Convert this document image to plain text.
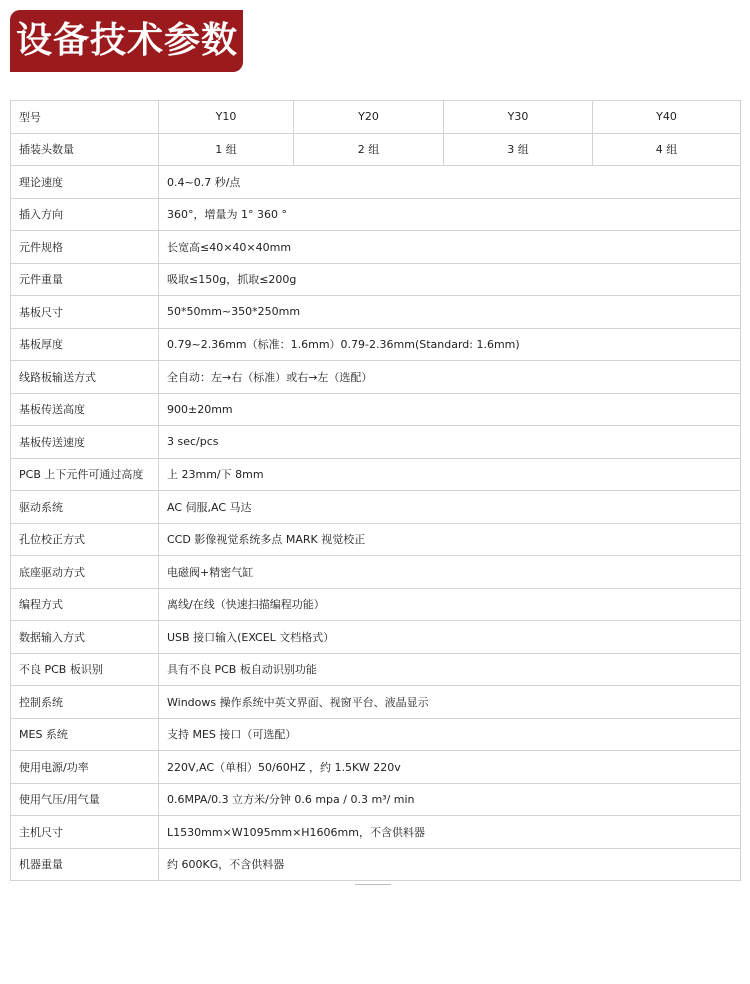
设备技术参数
型号	Y10	Y20	Y30	Y40
插装头数量	1 组	2 组	3 组	4 组
理论速度	0.4~0.7 秒/点			
插入方向	360°，增量为 1° 360 °			
元件规格	长宽高≤40×40×40mm			
元件重量	吸取≤150g，抓取≤200g			
基板尺寸	50*50mm~350*250mm			
基板厚度	0.79~2.36mm（标准：1.6mm）0.79-2.36mm(Standard: 1.6mm)			
线路板输送方式	全自动：左→右（标准）或右→左（选配）			
基板传送高度	900±20mm			
基板传送速度	3 sec/pcs			
PCB 上下元件可通过高度	上 23mm/下 8mm			
驱动系统	AC 伺服,AC 马达			
孔位校正方式	CCD 影像视觉系统多点 MARK 视觉校正			
底座驱动方式	电磁阀+精密气缸			
编程方式	离线/在线（快速扫描编程功能）			
数据输入方式	USB 接口输入(EXCEL 文档格式）			
不良 PCB 板识别	具有不良 PCB 板自动识别功能			
控制系统	Windows 操作系统中英文界面、视窗平台、液晶显示			
MES 系统	支持 MES 接口（可选配）			
使用电源/功率	220V,AC（单相）50/60HZ ，约 1.5KW 220v			
使用气压/用气量	0.6MPA/0.3 立方米/分钟 0.6 mpa / 0.3 m³/ min			
主机尺寸	L1530mm×W1095mm×H1606mm，不含供料器			
机器重量	约 600KG，不含供料器			
